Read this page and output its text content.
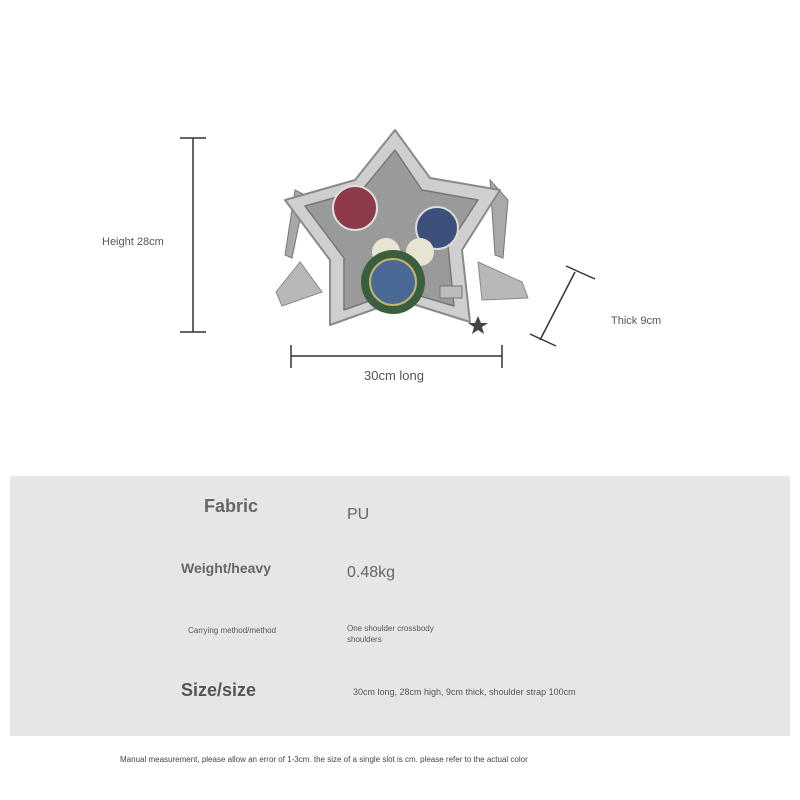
Height 28cm
Thick 9cm
30cm long
Fabric	PU
Weight/heavy	0.48kg
Carrying method/method	One shoulder crossbody shoulders
Size/size	30cm long, 28cm high, 9cm thick, shoulder strap 100cm
Manual measurement, please allow an error of 1-3cm. the size of a single slot is cm. please refer to the actual color
